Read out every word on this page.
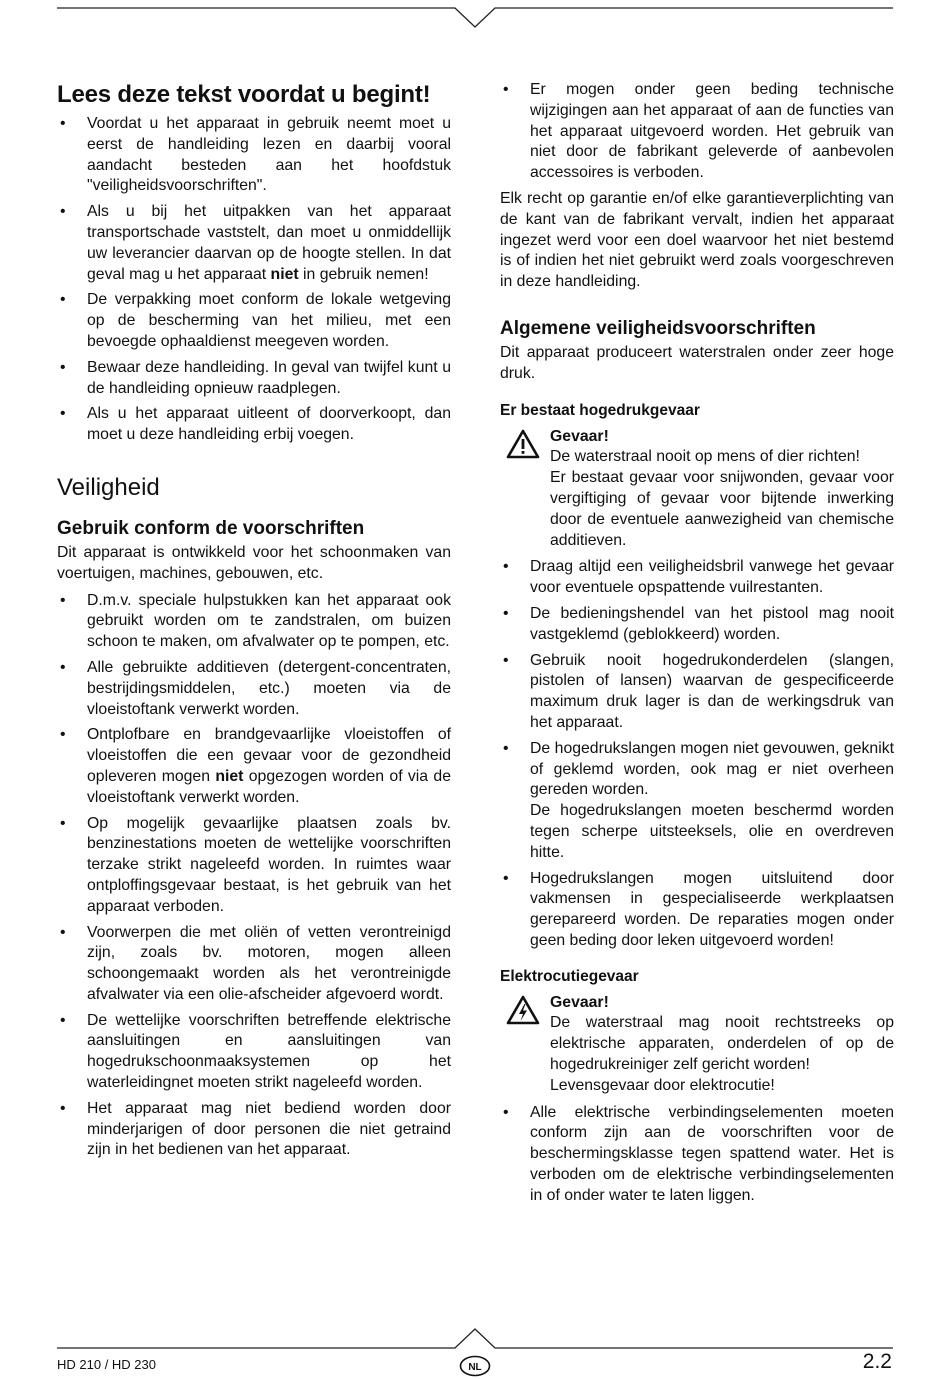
Lees deze tekst voordat u begint!
• Voordat u het apparaat in gebruik neemt moet u eerst de handleiding lezen en daarbij vooral aandacht besteden aan het hoofdstuk "veiligheidsvoorschriften".
• Als u bij het uitpakken van het apparaat transportschade vaststelt, dan moet u onmiddellijk uw leverancier daarvan op de hoogte stellen. In dat geval mag u het apparaat niet in gebruik nemen!
• De verpakking moet conform de lokale wetgeving op de bescherming van het milieu, met een bevoegde ophaaldienst meegeven worden.
• Bewaar deze handleiding. In geval van twijfel kunt u de handleiding opnieuw raadplegen.
• Als u het apparaat uitleent of doorverkoopt, dan moet u deze handleiding erbij voegen.
Veiligheid
Gebruik conform de voorschriften

Dit apparaat is ontwikkeld voor het schoonmaken van voertuigen, machines, gebouwen, etc.

• D.m.v. speciale hulpstukken kan het apparaat ook gebruikt worden om te zandstralen, om buizen schoon te maken, om afvalwater op te pompen, etc.
• Alle gebruikte additieven (detergent-concentraten, bestrijdingsmiddelen, etc.) moeten via de vloeistoftank verwerkt worden.
• Ontplofbare en brandgevaarlijke vloeistoffen of vloeistoffen die een gevaar voor de gezondheid opleveren mogen niet opgezogen worden of via de vloeistoftank verwerkt worden.
• Op mogelijk gevaarlijke plaatsen zoals bv. benzinestations moeten de wettelijke voorschriften terzake strikt nageleefd worden. In ruimtes waar ontploffingsgevaar bestaat, is het gebruik van het apparaat verboden.
• Voorwerpen die met oliën of vetten verontreinigd zijn, zoals bv. motoren, mogen alleen schoongemaakt worden als het verontreinigde afvalwater via een olie-afscheider afgevoerd wordt.
• De wettelijke voorschriften betreffende elektrische aansluitingen en aansluitingen van hogedrukschoonmaaksystemen op het waterleidingnet moeten strikt nageleefd worden.
• Het apparaat mag niet bediend worden door minderjarigen of door personen die niet getraind zijn in het bedienen van het apparaat.
• Er mogen onder geen beding technische wijzigingen aan het apparaat of aan de functies van het apparaat uitgevoerd worden. Het gebruik van niet door de fabrikant geleverde of aanbevolen accessoires is verboden.

Elk recht op garantie en/of elke garantieverplichting van de kant van de fabrikant vervalt, indien het apparaat ingezet werd voor een doel waarvoor het niet bestemd is of indien het niet gebruikt werd zoals voorgeschreven in deze handleiding.

Algemene veiligheidsvoorschriften

Dit apparaat produceert waterstralen onder zeer hoge druk.

Er bestaat hogedrukgevaar
Gevaar!
De waterstraal nooit op mens of dier richten!
Er bestaat gevaar voor snijwonden, gevaar voor vergiftiging of gevaar voor bijtende inwerking door de eventuele aanwezigheid van chemische additieven.
• Draag altijd een veiligheidsbril vanwege het gevaar voor eventuele opspattende vuilrestanten.
• De bedieningshendel van het pistool mag nooit vastgeklemd (geblokkeerd) worden.
• Gebruik nooit hogedrukonderdelen (slangen, pistolen of lansen) waarvan de gespecificeerde maximum druk lager is dan de werkingsdruk van het apparaat.
• De hogedrukslangen mogen niet gevouwen, geknikt of geklemd worden, ook mag er niet overheen gereden worden.
De hogedrukslangen moeten beschermd worden tegen scherpe uitsteeksels, olie en overdreven hitte.
• Hogedrukslangen mogen uitsluitend door vakmensen in gespecialiseerde werkplaatsen gerepareerd worden. De reparaties mogen onder geen beding door leken uitgevoerd worden!
Elektrocutiegevaar
Gevaar!
De waterstraal mag nooit rechtstreeks op elektrische apparaten, onderdelen of op de hogedrukreiniger zelf gericht worden!
Levensgevaar door elektrocutie!
• Alle elektrische verbindingselementen moeten conform zijn aan de voorschriften voor de beschermingsklasse tegen spattend water. Het is verboden om de elektrische verbindingselementen in of onder water te laten liggen.
HD 210 / HD 230	NL	2.2
